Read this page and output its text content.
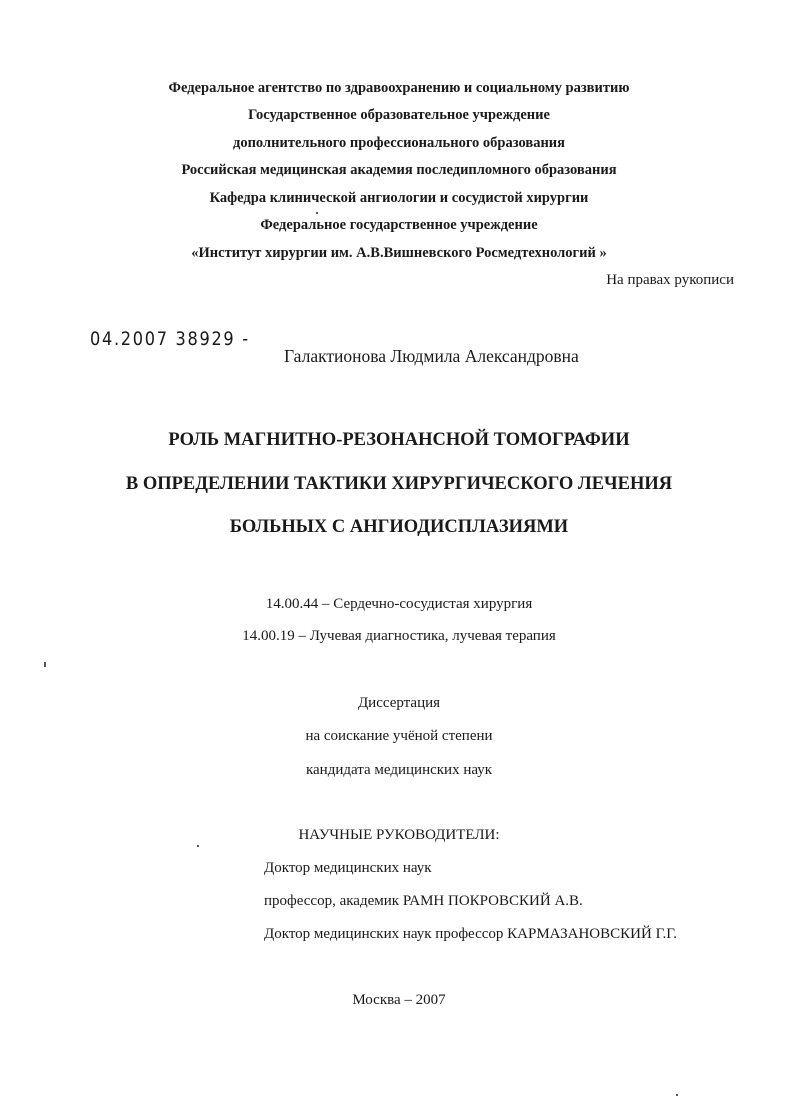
Федеральное агентство по здравоохранению и социальному развитию
Государственное образовательное учреждение
дополнительного профессионального образования
Российская медицинская академия последипломного образования
Кафедра клинической ангиологии и сосудистой хирургии
Федеральное государственное учреждение
«Институт хирургии им. А.В.Вишневского Росмедтехнологий »
На правах рукописи
04.2007 38929 -
Галактионова Людмила Александровна
РОЛЬ МАГНИТНО-РЕЗОНАНСНОЙ ТОМОГРАФИИ
В ОПРЕДЕЛЕНИИ ТАКТИКИ ХИРУРГИЧЕСКОГО ЛЕЧЕНИЯ
БОЛЬНЫХ С АНГИОДИСПЛАЗИЯМИ
14.00.44 – Сердечно-сосудистая хирургия
14.00.19 – Лучевая диагностика, лучевая терапия
Диссертация
на соискание учёной степени
кандидата медицинских наук
НАУЧНЫЕ РУКОВОДИТЕЛИ:
Доктор медицинских наук
профессор, академик РАМН ПОКРОВСКИЙ А.В.
Доктор медицинских наук профессор КАРМАЗАНОВСКИЙ Г.Г.
Москва – 2007
